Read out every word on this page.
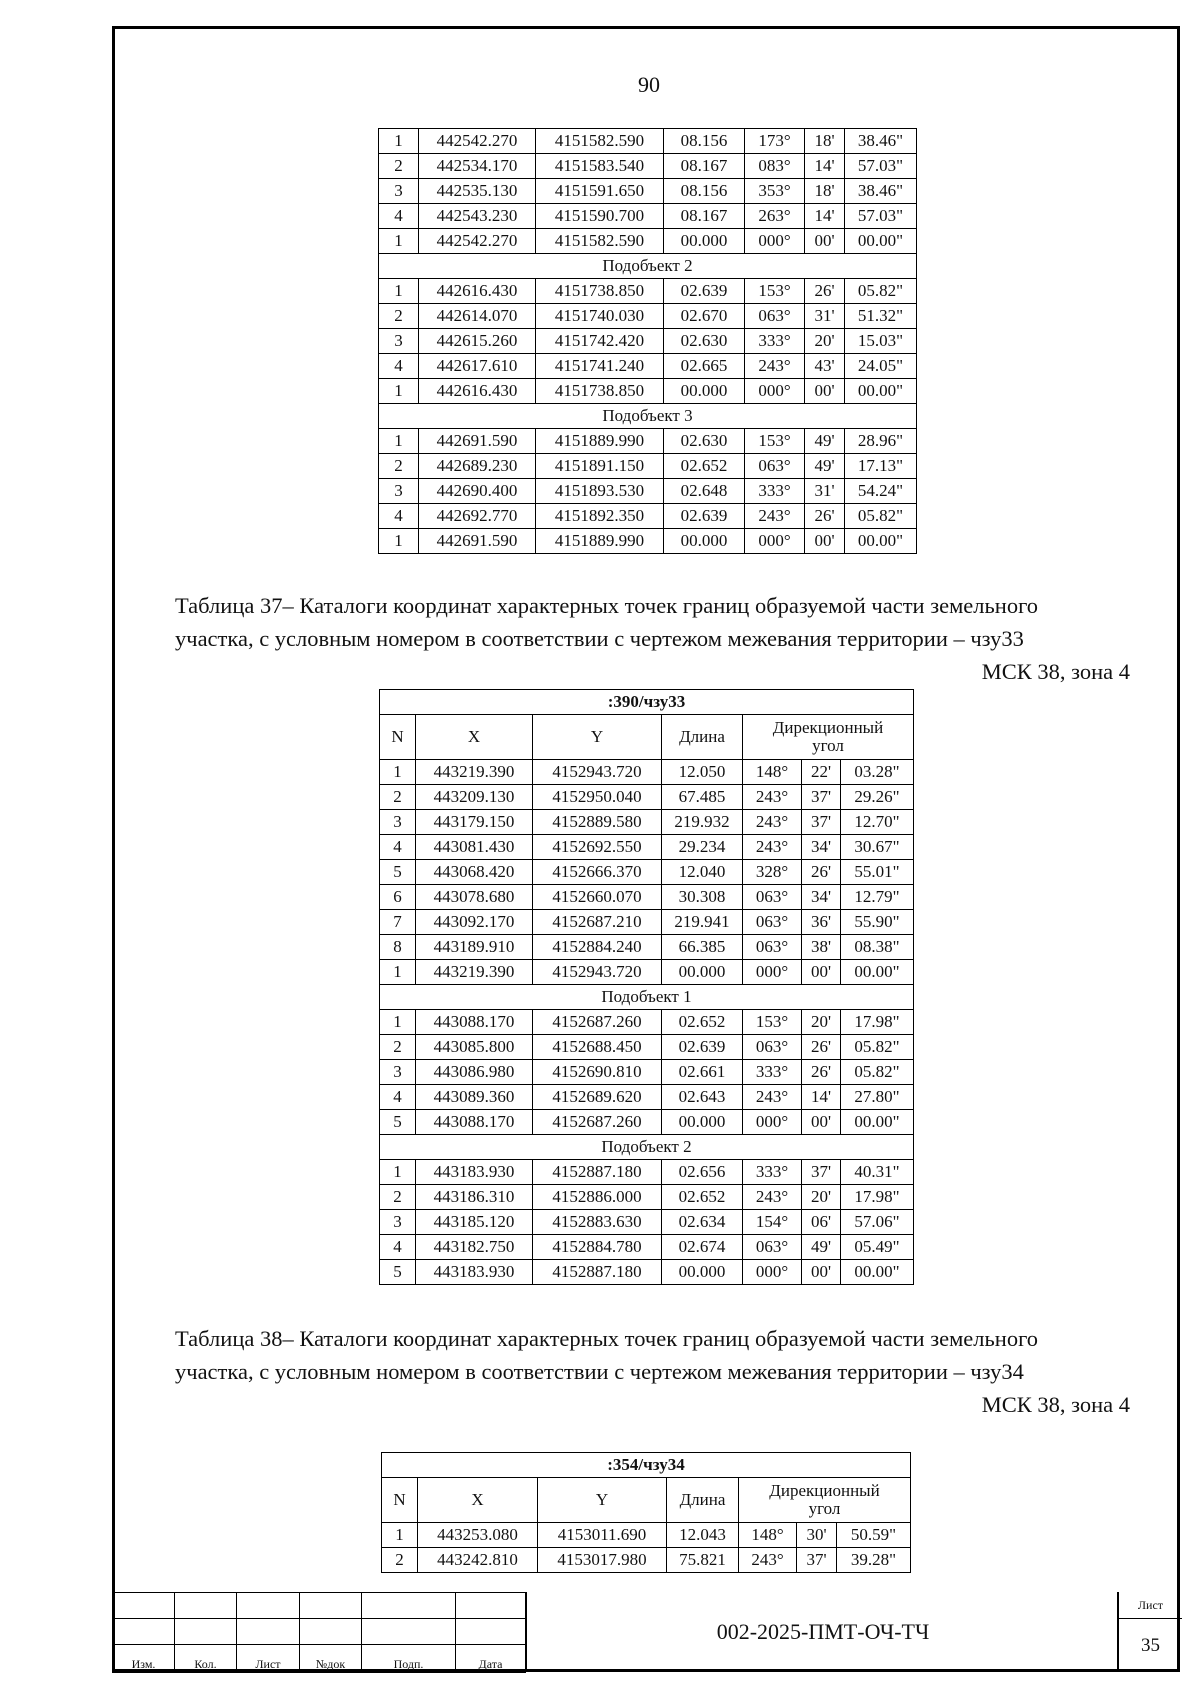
90
1	442542.270	4151582.590	08.156	173°	18'	38.46"
2	442534.170	4151583.540	08.167	083°	14'	57.03"
3	442535.130	4151591.650	08.156	353°	18'	38.46"
4	442543.230	4151590.700	08.167	263°	14'	57.03"
1	442542.270	4151582.590	00.000	000°	00'	00.00"
Подобъект 2						
1	442616.430	4151738.850	02.639	153°	26'	05.82"
2	442614.070	4151740.030	02.670	063°	31'	51.32"
3	442615.260	4151742.420	02.630	333°	20'	15.03"
4	442617.610	4151741.240	02.665	243°	43'	24.05"
1	442616.430	4151738.850	00.000	000°	00'	00.00"
Подобъект 3						
1	442691.590	4151889.990	02.630	153°	49'	28.96"
2	442689.230	4151891.150	02.652	063°	49'	17.13"
3	442690.400	4151893.530	02.648	333°	31'	54.24"
4	442692.770	4151892.350	02.639	243°	26'	05.82"
1	442691.590	4151889.990	00.000	000°	00'	00.00"
Таблица 37– Каталоги координат характерных точек границ образуемой части земельного
участка, с условным номером в соответствии с чертежом межевания территории – чзу33
МСК 38, зона 4
:390/чзу33						
N	X	Y	Длина	Дирекционный угол		
1	443219.390	4152943.720	12.050	148°	22'	03.28"
2	443209.130	4152950.040	67.485	243°	37'	29.26"
3	443179.150	4152889.580	219.932	243°	37'	12.70"
4	443081.430	4152692.550	29.234	243°	34'	30.67"
5	443068.420	4152666.370	12.040	328°	26'	55.01"
6	443078.680	4152660.070	30.308	063°	34'	12.79"
7	443092.170	4152687.210	219.941	063°	36'	55.90"
8	443189.910	4152884.240	66.385	063°	38'	08.38"
1	443219.390	4152943.720	00.000	000°	00'	00.00"
Подобъект 1						
1	443088.170	4152687.260	02.652	153°	20'	17.98"
2	443085.800	4152688.450	02.639	063°	26'	05.82"
3	443086.980	4152690.810	02.661	333°	26'	05.82"
4	443089.360	4152689.620	02.643	243°	14'	27.80"
5	443088.170	4152687.260	00.000	000°	00'	00.00"
Подобъект 2						
1	443183.930	4152887.180	02.656	333°	37'	40.31"
2	443186.310	4152886.000	02.652	243°	20'	17.98"
3	443185.120	4152883.630	02.634	154°	06'	57.06"
4	443182.750	4152884.780	02.674	063°	49'	05.49"
5	443183.930	4152887.180	00.000	000°	00'	00.00"
Таблица 38– Каталоги координат характерных точек границ образуемой части земельного
участка, с условным номером в соответствии с чертежом межевания территории – чзу34
МСК 38, зона 4
:354/чзу34						
N	X	Y	Длина	Дирекционный угол		
1	443253.080	4153011.690	12.043	148°	30'	50.59"
2	443242.810	4153017.980	75.821	243°	37'	39.28"

Изм.	Кол.	Лист	№док	Подп.	Дата
002-2025-ПМТ-ОЧ-ТЧ
Лист
35
